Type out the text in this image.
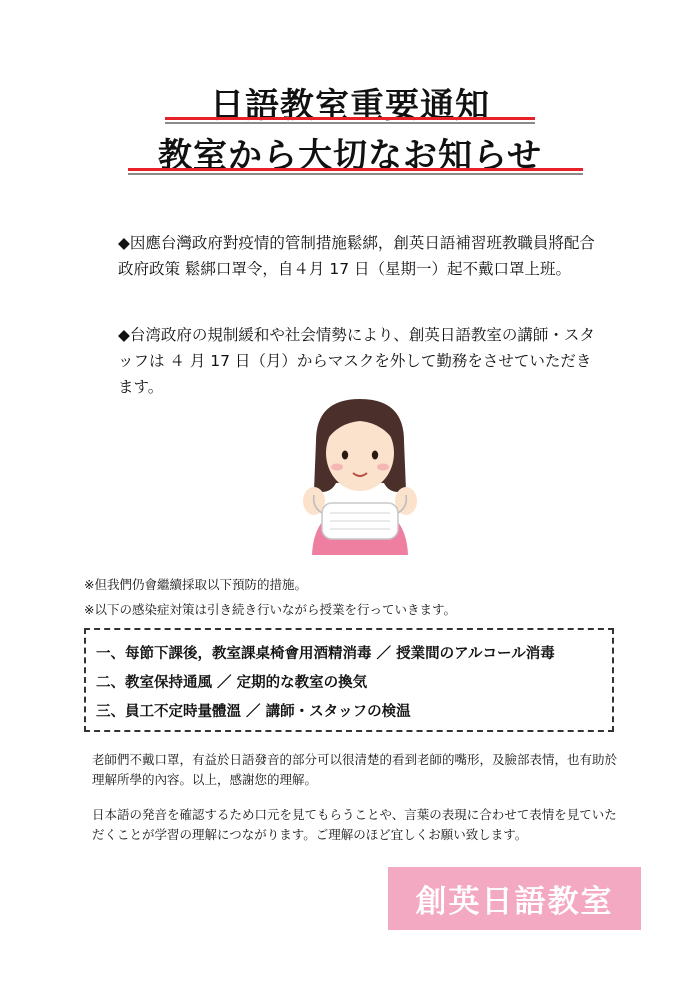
日語教室重要通知
教室から大切なお知らせ
◆因應台灣政府對疫情的管制措施鬆綁，創英日語補習班教職員將配合政府政策 鬆綁口罩令，自４月 17 日（星期一）起不戴口罩上班。
◆台湾政府の規制緩和や社会情勢により、創英日語教室の講師・スタッフは ４ 月 17 日（月）からマスクを外して勤務をさせていただきます。
※但我們仍會繼續採取以下預防的措施。
※以下の感染症対策は引き続き行いながら授業を行っていきます。
一、每節下課後，教室課桌椅會用酒精消毒 ／ 授業間のアルコール消毒
二、教室保持通風 ／ 定期的な教室の換気
三、員工不定時量體溫 ／ 講師・スタッフの検温
老師們不戴口罩，有益於日語發音的部分可以很清楚的看到老師的嘴形，及臉部表情，也有助於理解所學的內容。以上，感謝您的理解。
日本語の発音を確認するため口元を見てもらうことや、言葉の表現に合わせて表情を見ていただくことが学習の理解につながります。ご理解のほど宜しくお願い致します。
創英日語教室
